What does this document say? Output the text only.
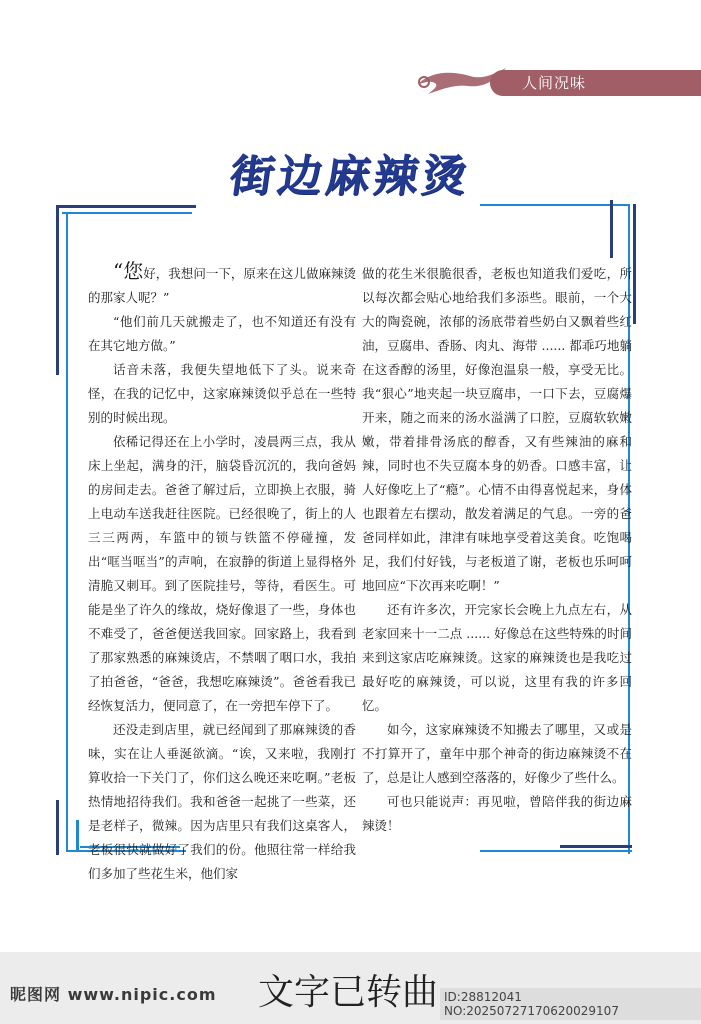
人间况味
街边麻辣烫

“您好，我想问一下，原来在这儿做麻辣烫的那家人呢？”

“他们前几天就搬走了，也不知道还有没有在其它地方做。”

话音未落，我便失望地低下了头。说来奇怪，在我的记忆中，这家麻辣烫似乎总在一些特别的时候出现。

依稀记得还在上小学时，凌晨两三点，我从床上坐起，满身的汗，脑袋昏沉沉的，我向爸妈的房间走去。爸爸了解过后，立即换上衣服，骑上电动车送我赶往医院。已经很晚了，街上的人三三两两，车篮中的锁与铁篮不停碰撞，发出“哐当哐当”的声响，在寂静的街道上显得格外清脆又刺耳。到了医院挂号，等待，看医生。可能是坐了许久的缘故，烧好像退了一些，身体也不难受了，爸爸便送我回家。回家路上，我看到了那家熟悉的麻辣烫店，不禁咽了咽口水，我拍了拍爸爸，“爸爸，我想吃麻辣烫”。爸爸看我已经恢复活力，便同意了，在一旁把车停下了。

还没走到店里，就已经闻到了那麻辣烫的香味，实在让人垂涎欲滴。“诶，又来啦，我刚打算收拾一下关门了，你们这么晚还来吃啊。”老板热情地招待我们。我和爸爸一起挑了一些菜，还是老样子，微辣。因为店里只有我们这桌客人，老板很快就做好了我们的份。他照往常一样给我们多加了些花生米，他们家

做的花生米很脆很香，老板也知道我们爱吃，所以每次都会贴心地给我们多添些。眼前，一个大大的陶瓷碗，浓郁的汤底带着些奶白又飘着些红油，豆腐串、香肠、肉丸、海带 ...... 都乖巧地躺在这香醇的汤里，好像泡温泉一般，享受无比。我“狠心”地夹起一块豆腐串，一口下去，豆腐爆开来，随之而来的汤水溢满了口腔，豆腐软软嫩嫩，带着排骨汤底的醇香，又有些辣油的麻和辣，同时也不失豆腐本身的奶香。口感丰富，让人好像吃上了“瘾”。心情不由得喜悦起来，身体也跟着左右摆动，散发着满足的气息。一旁的爸爸同样如此，津津有味地享受着这美食。吃饱喝足，我们付好钱，与老板道了谢，老板也乐呵呵地回应“下次再来吃啊！”

还有许多次，开完家长会晚上九点左右，从老家回来十一二点 ...... 好像总在这些特殊的时间来到这家店吃麻辣烫。这家的麻辣烫也是我吃过最好吃的麻辣烫，可以说，这里有我的许多回忆。

如今，这家麻辣烫不知搬去了哪里，又或是不打算开了，童年中那个神奇的街边麻辣烫不在了，总是让人感到空落落的，好像少了些什么。

可也只能说声：再见啦，曾陪伴我的街边麻辣烫！

昵图网 www.nipic.com 文字已转曲 ID:28812041 NO:20250727170620029107
